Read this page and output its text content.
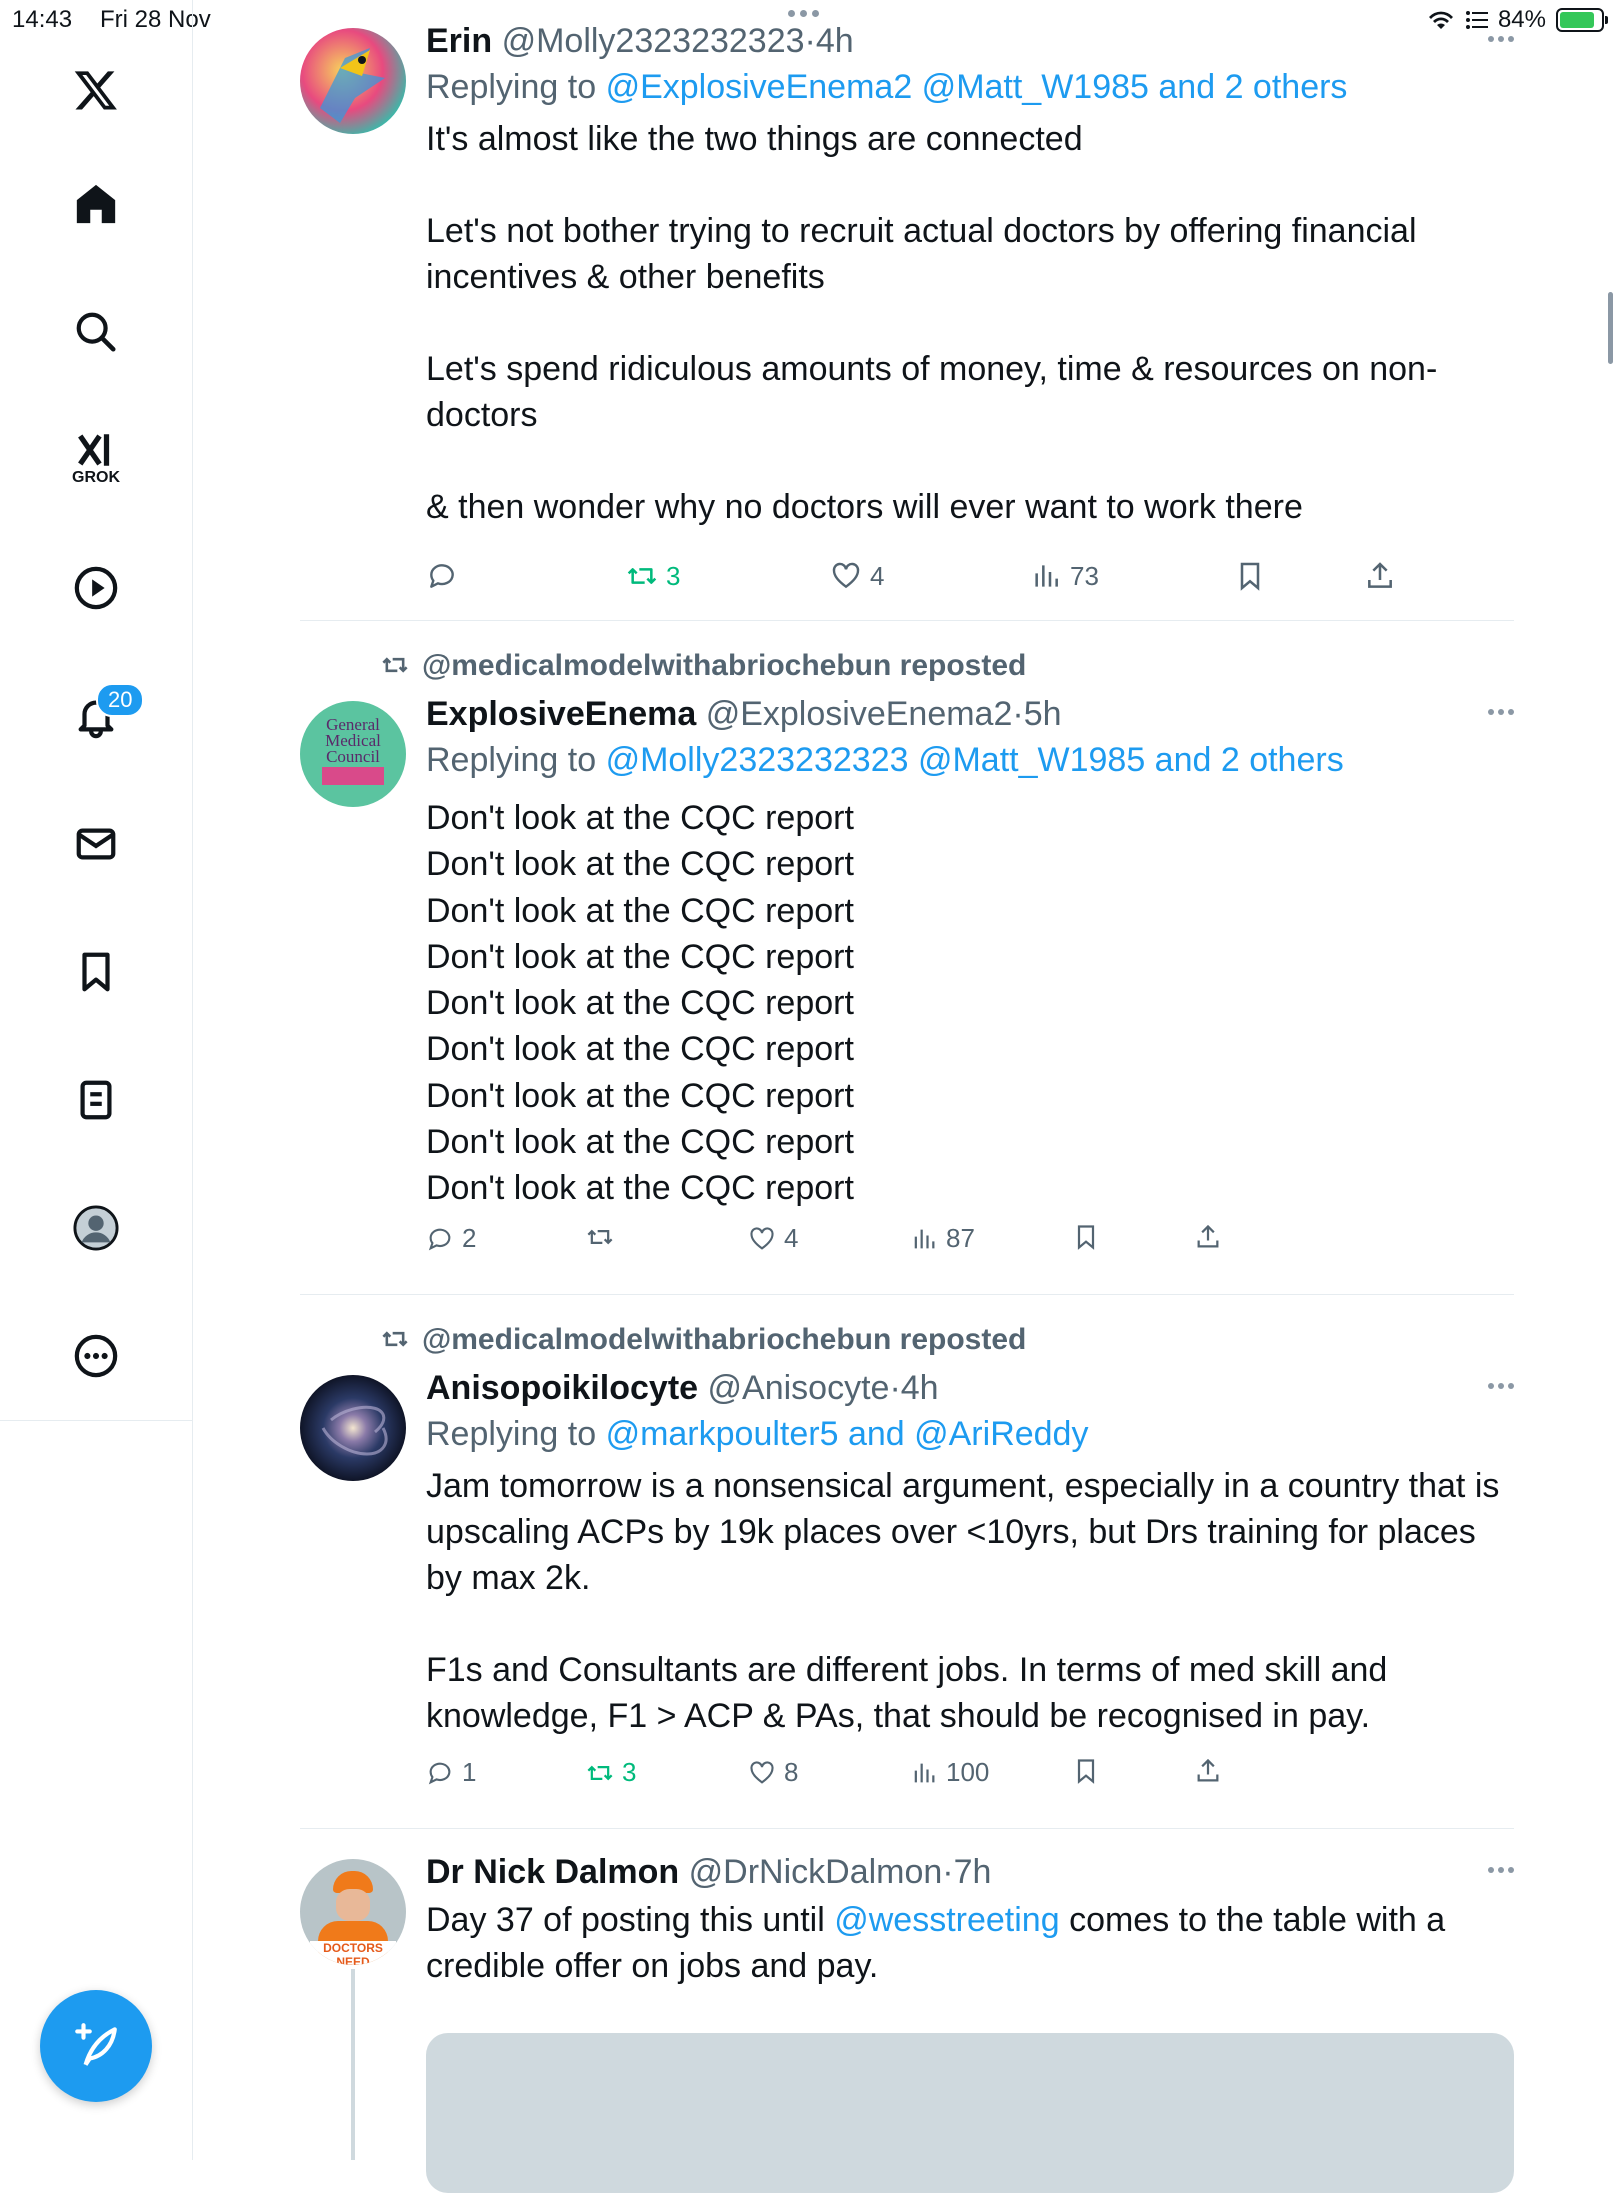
14:43 Fri 28 Nov	84%
GROK
20
Erin @Molly2323232323·4h
Replying to @ExplosiveEnema2 @Matt_W1985 and 2 others
It's almost like the two things are connected

Let's not bother trying to recruit actual doctors by offering financial incentives & other benefits

Let's spend ridiculous amounts of money, time & resources on non-doctors

& then wonder why no doctors will ever want to work there
3	4	73
@medicalmodelwithabriochebun reposted
General Medical Council
ExplosiveEnema @ExplosiveEnema2·5h
Replying to @Molly2323232323 @Matt_W1985 and 2 others
Don't look at the CQC report
Don't look at the CQC report
Don't look at the CQC report
Don't look at the CQC report
Don't look at the CQC report
Don't look at the CQC report
Don't look at the CQC report
Don't look at the CQC report
Don't look at the CQC report
2	4	87
@medicalmodelwithabriochebun reposted
Anisopoikilocyte @Anisocyte·4h
Replying to @markpoulter5 and @AriReddy
Jam tomorrow is a nonsensical argument, especially in a country that is upscaling ACPs by 19k places over <10yrs, but Drs training for places by max 2k.

F1s and Consultants are different jobs. In terms of med skill and knowledge, F1 > ACP & PAs, that should be recognised in pay.
1	3	8	100
DOCTORS NEED
Dr Nick Dalmon @DrNickDalmon·7h
Day 37 of posting this until @wesstreeting comes to the table with a credible offer on jobs and pay.
